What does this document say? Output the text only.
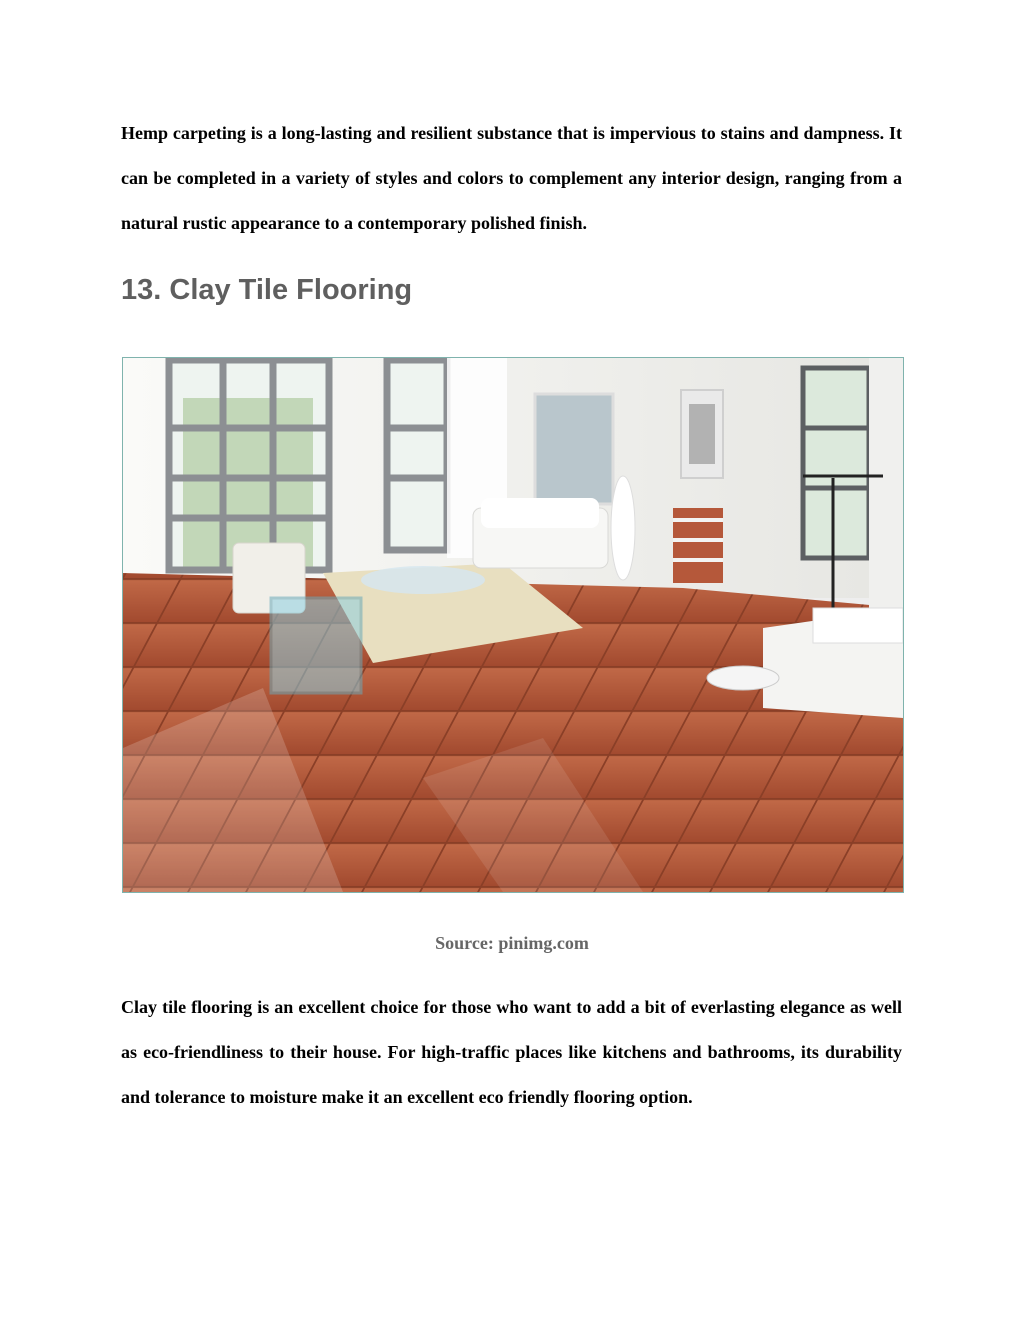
Hemp carpeting is a long-lasting and resilient substance that is impervious to stains and dampness. It can be completed in a variety of styles and colors to complement any interior design, ranging from a natural rustic appearance to a contemporary polished finish.

13. Clay Tile Flooring

Source: pinimg.com

Clay tile flooring is an excellent choice for those who want to add a bit of everlasting elegance as well as eco-friendliness to their house. For high-traffic places like kitchens and bathrooms, its durability and tolerance to moisture make it an excellent eco friendly flooring option.
